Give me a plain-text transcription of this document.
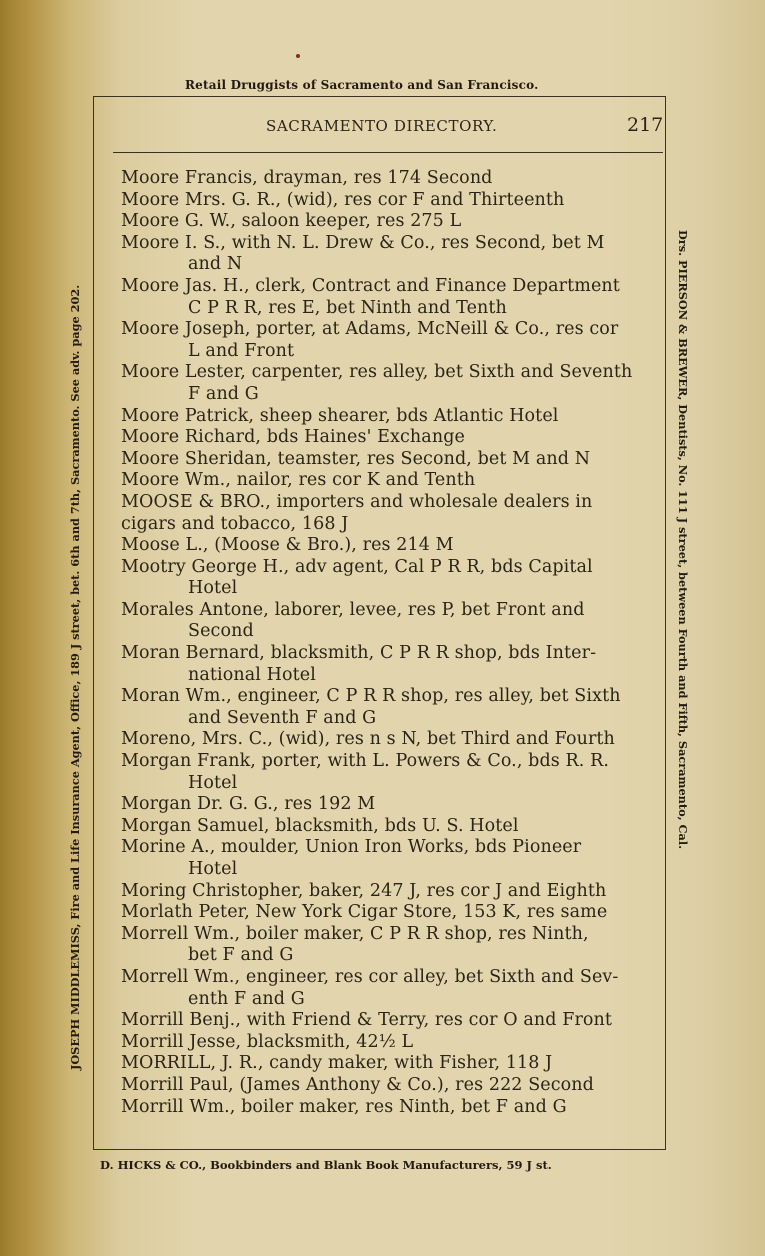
Retail Druggists of Sacramento and San Francisco.
JOSEPH MIDDLEMISS, Fire and Life Insurance Agent, Office, 189 J street, bet. 6th and 7th, Sacramento. See adv. page 202.	Drs. PIERSON & BREWER, Dentists, No. 111 J street, between Fourth and Fifth, Sacramento, Cal.
SACRAMENTO DIRECTORY.	217
Moore Francis, drayman, res 174 Second
Moore Mrs. G. R., (wid), res cor F and Thirteenth
Moore G. W., saloon keeper, res 275 L
Moore I. S., with N. L. Drew & Co., res Second, bet M
and N
Moore Jas. H., clerk, Contract and Finance Department
C P R R, res E, bet Ninth and Tenth
Moore Joseph, porter, at Adams, McNeill & Co., res cor
L and Front
Moore Lester, carpenter, res alley, bet Sixth and Seventh
F and G
Moore Patrick, sheep shearer, bds Atlantic Hotel
Moore Richard, bds Haines' Exchange
Moore Sheridan, teamster, res Second, bet M and N
Moore Wm., nailor, res cor K and Tenth
MOOSE & BRO., importers and wholesale dealers in
cigars and tobacco, 168 J
Moose L., (Moose & Bro.), res 214 M
Mootry George H., adv agent, Cal P R R, bds Capital
Hotel
Morales Antone, laborer, levee, res P, bet Front and
Second
Moran Bernard, blacksmith, C P R R shop, bds Inter-
national Hotel
Moran Wm., engineer, C P R R shop, res alley, bet Sixth
and Seventh F and G
Moreno, Mrs. C., (wid), res n s N, bet Third and Fourth
Morgan Frank, porter, with L. Powers & Co., bds R. R.
Hotel
Morgan Dr. G. G., res 192 M
Morgan Samuel, blacksmith, bds U. S. Hotel
Morine A., moulder, Union Iron Works, bds Pioneer
Hotel
Moring Christopher, baker, 247 J, res cor J and Eighth
Morlath Peter, New York Cigar Store, 153 K, res same
Morrell Wm., boiler maker, C P R R shop, res Ninth,
bet F and G
Morrell Wm., engineer, res cor alley, bet Sixth and Sev-
enth F and G
Morrill Benj., with Friend & Terry, res cor O and Front
Morrill Jesse, blacksmith, 42½ L
MORRILL, J. R., candy maker, with Fisher, 118 J
Morrill Paul, (James Anthony & Co.), res 222 Second
Morrill Wm., boiler maker, res Ninth, bet F and G
D. HICKS & CO., Bookbinders and Blank Book Manufacturers, 59 J st.
